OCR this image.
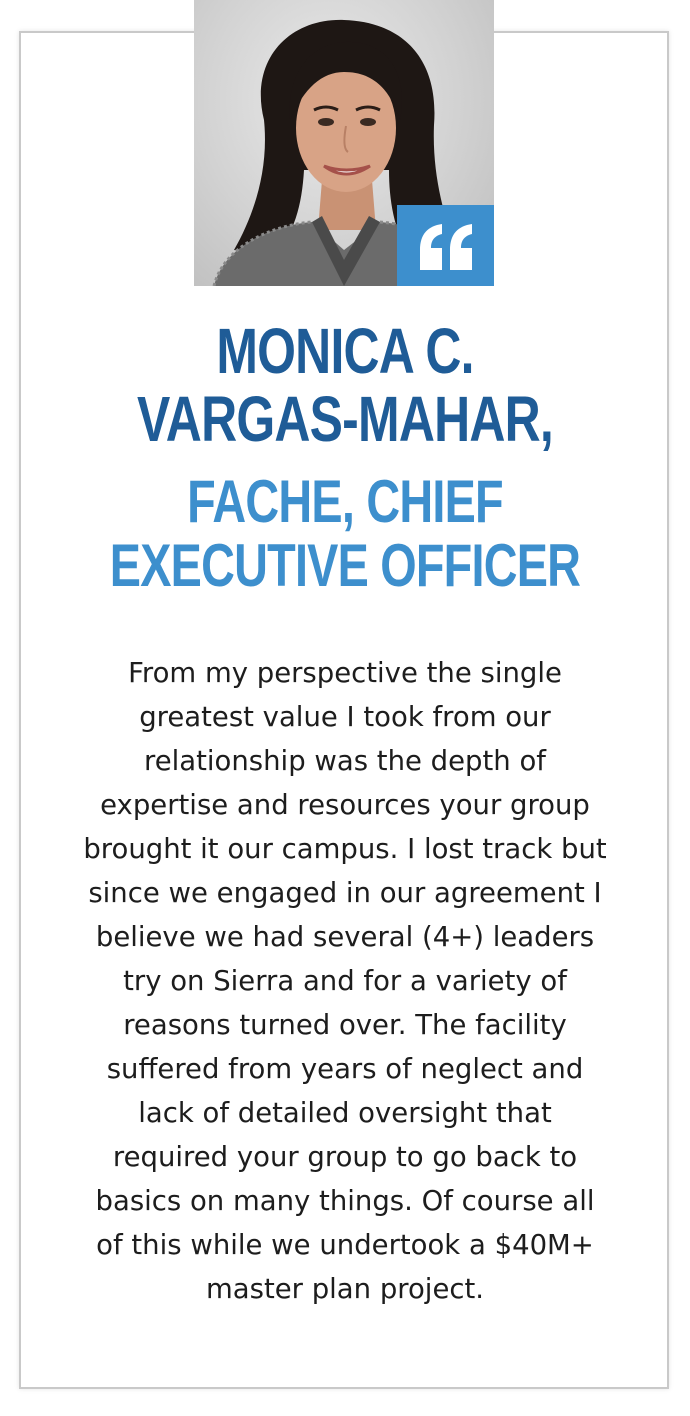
MONICA C. VARGAS-MAHAR,
FACHE, CHIEF EXECUTIVE OFFICER

From my perspective the single greatest value I took from our relationship was the depth of expertise and resources your group brought it our campus. I lost track but since we engaged in our agreement I believe we had several (4+) leaders try on Sierra and for a variety of reasons turned over. The facility suffered from years of neglect and lack of detailed oversight that required your group to go back to basics on many things. Of course all of this while we undertook a $40M+ master plan project.
